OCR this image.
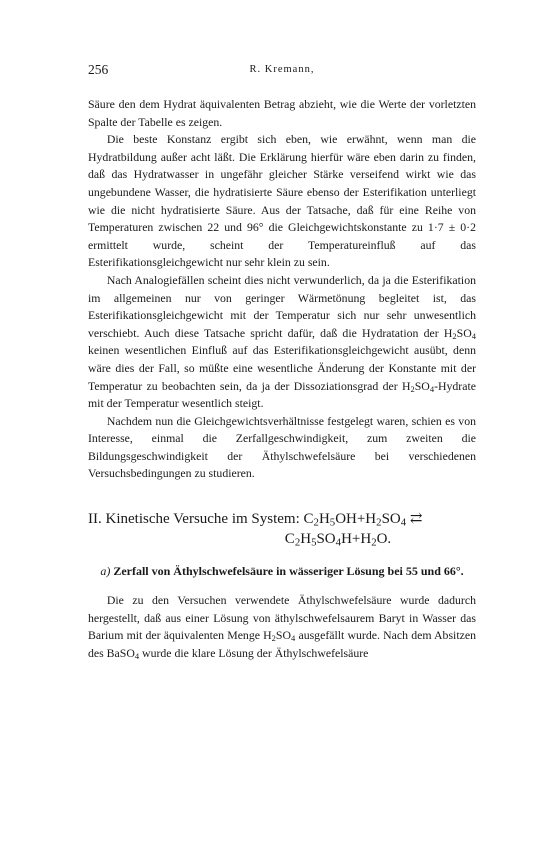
256	R. Kremann,

Säure den dem Hydrat äquivalenten Betrag abzieht, wie die Werte der vorletzten Spalte der Tabelle es zeigen.

Die beste Konstanz ergibt sich eben, wie erwähnt, wenn man die Hydratbildung außer acht läßt. Die Erklärung hierfür wäre eben darin zu finden, daß das Hydratwasser in ungefähr gleicher Stärke verseifend wirkt wie das ungebundene Wasser, die hydratisierte Säure ebenso der Esterifikation unterliegt wie die nicht hydratisierte Säure. Aus der Tatsache, daß für eine Reihe von Temperaturen zwischen 22 und 96° die Gleichgewichtskonstante zu 1·7 ± 0·2 ermittelt wurde, scheint der Temperatureinfluß auf das Esterifikationsgleichgewicht nur sehr klein zu sein.

Nach Analogiefällen scheint dies nicht verwunderlich, da ja die Esterifikation im allgemeinen nur von geringer Wärmetönung begleitet ist, das Esterifikationsgleichgewicht mit der Temperatur sich nur sehr unwesentlich verschiebt. Auch diese Tatsache spricht dafür, daß die Hydratation der $H_2SO_4$ keinen wesentlichen Einfluß auf das Esterifikationsgleichgewicht ausübt, denn wäre dies der Fall, so müßte eine wesentliche Änderung der Konstante mit der Temperatur zu beobachten sein, da ja der Dissoziationsgrad der $H_2SO_4$-Hydrate mit der Temperatur wesentlich steigt.

Nachdem nun die Gleichgewichtsverhältnisse festgelegt waren, schien es von Interesse, einmal die Zerfallgeschwindigkeit, zum zweiten die Bildungsgeschwindigkeit der Äthylschwefelsäure bei verschiedenen Versuchsbedingungen zu studieren.

II. Kinetische Versuche im System: $C_2H_5OH+H_2SO_4$ ⇄
$C_2H_5SO_4H+H_2O$.
a) Zerfall von Äthylschwefelsäure in wässeriger Lösung bei 55 und 66°.

Die zu den Versuchen verwendete Äthylschwefelsäure wurde dadurch hergestellt, daß aus einer Lösung von äthylschwefelsaurem Baryt in Wasser das Barium mit der äquivalenten Menge $H_2SO_4$ ausgefällt wurde. Nach dem Absitzen des BaSO$_4$ wurde die klare Lösung der Äthylschwefelsäure
